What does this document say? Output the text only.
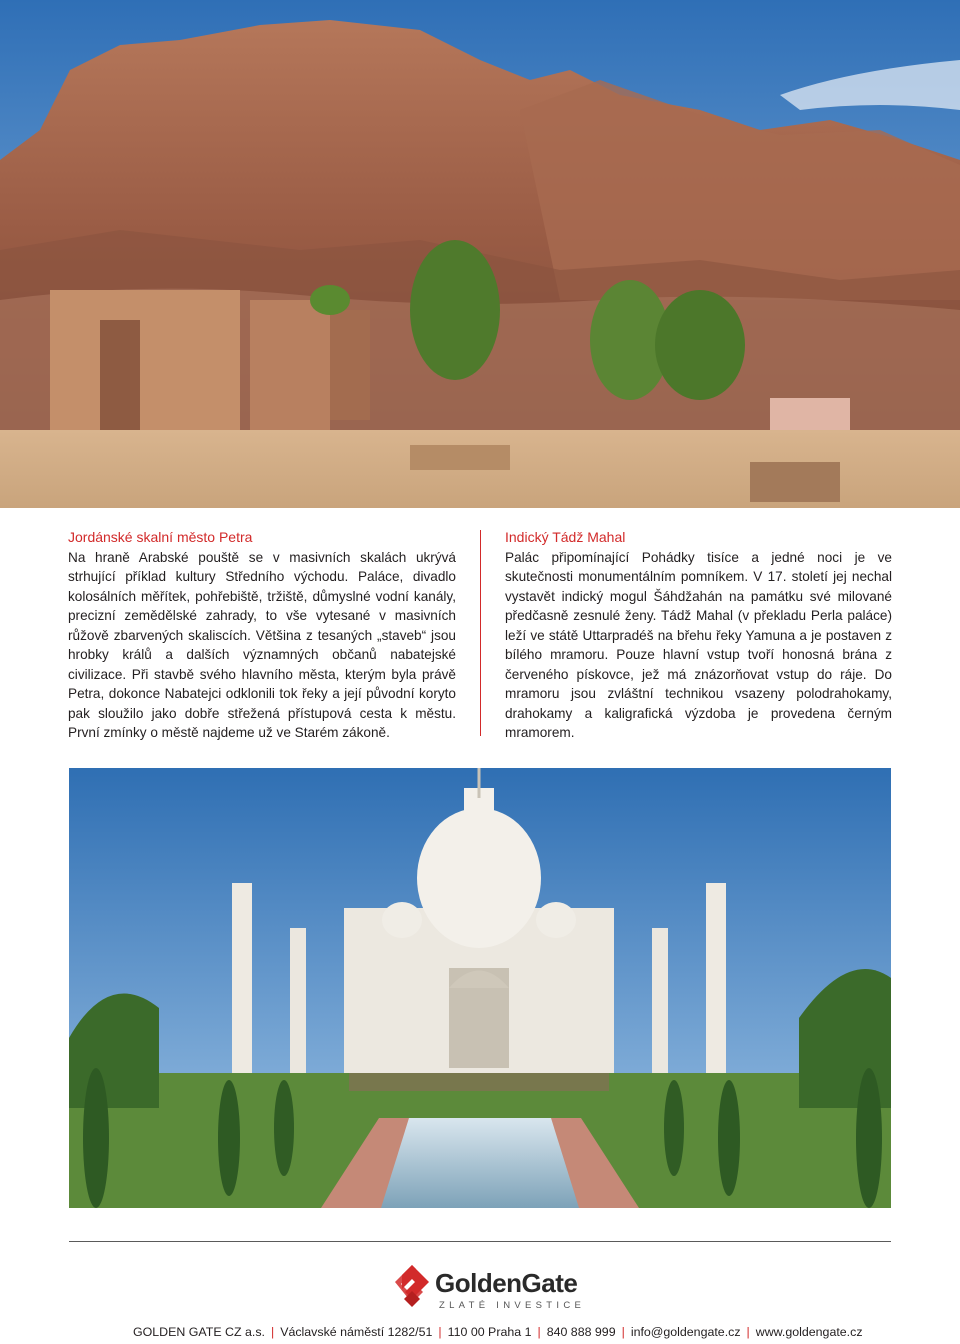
Jordánské skalní město Petra

Na hraně Arabské pouště se v masivních skalách ukrývá strhující příklad kultury Středního východu. Paláce, divadlo kolosálních měřítek, pohřebiště, tržiště, důmyslné vodní kanály, precizní zemědělské zahrady, to vše vytesané v masivních růžově zbarvených skaliscích. Většina z tesaných „staveb“ jsou hrobky králů a dalších významných občanů nabatejské civilizace. Při stavbě svého hlavního města, kterým byla právě Petra, dokonce Nabatejci odklonili tok řeky a její původní koryto pak sloužilo jako dobře střežená přístupová cesta k městu. První zmínky o městě najdeme už ve Starém zákoně.

Indický Tádž Mahal

Palác připomínající Pohádky tisíce a jedné noci je ve skutečnosti monumentálním pomníkem. V 17. století jej nechal vystavět indický mogul Šáhdžahán na památku své milované předčasně zesnulé ženy. Tádž Mahal (v překladu Perla paláce) leží ve státě Uttarpradéš na břehu řeky Yamuna a je postaven z bílého mramoru. Pouze hlavní vstup tvoří honosná brána z červeného pískovce, jež má znázorňovat vstup do ráje. Do mramoru jsou zvláštní technikou vsazeny polodrahokamy, drahokamy a kaligrafická výzdoba je provedena černým mramorem.

GoldenGate
ZLATÉ INVESTICE
GOLDEN GATE CZ a.s. | Václavské náměstí 1282/51 | 110 00 Praha 1 | 840 888 999 | info@goldengate.cz | www.goldengate.cz
